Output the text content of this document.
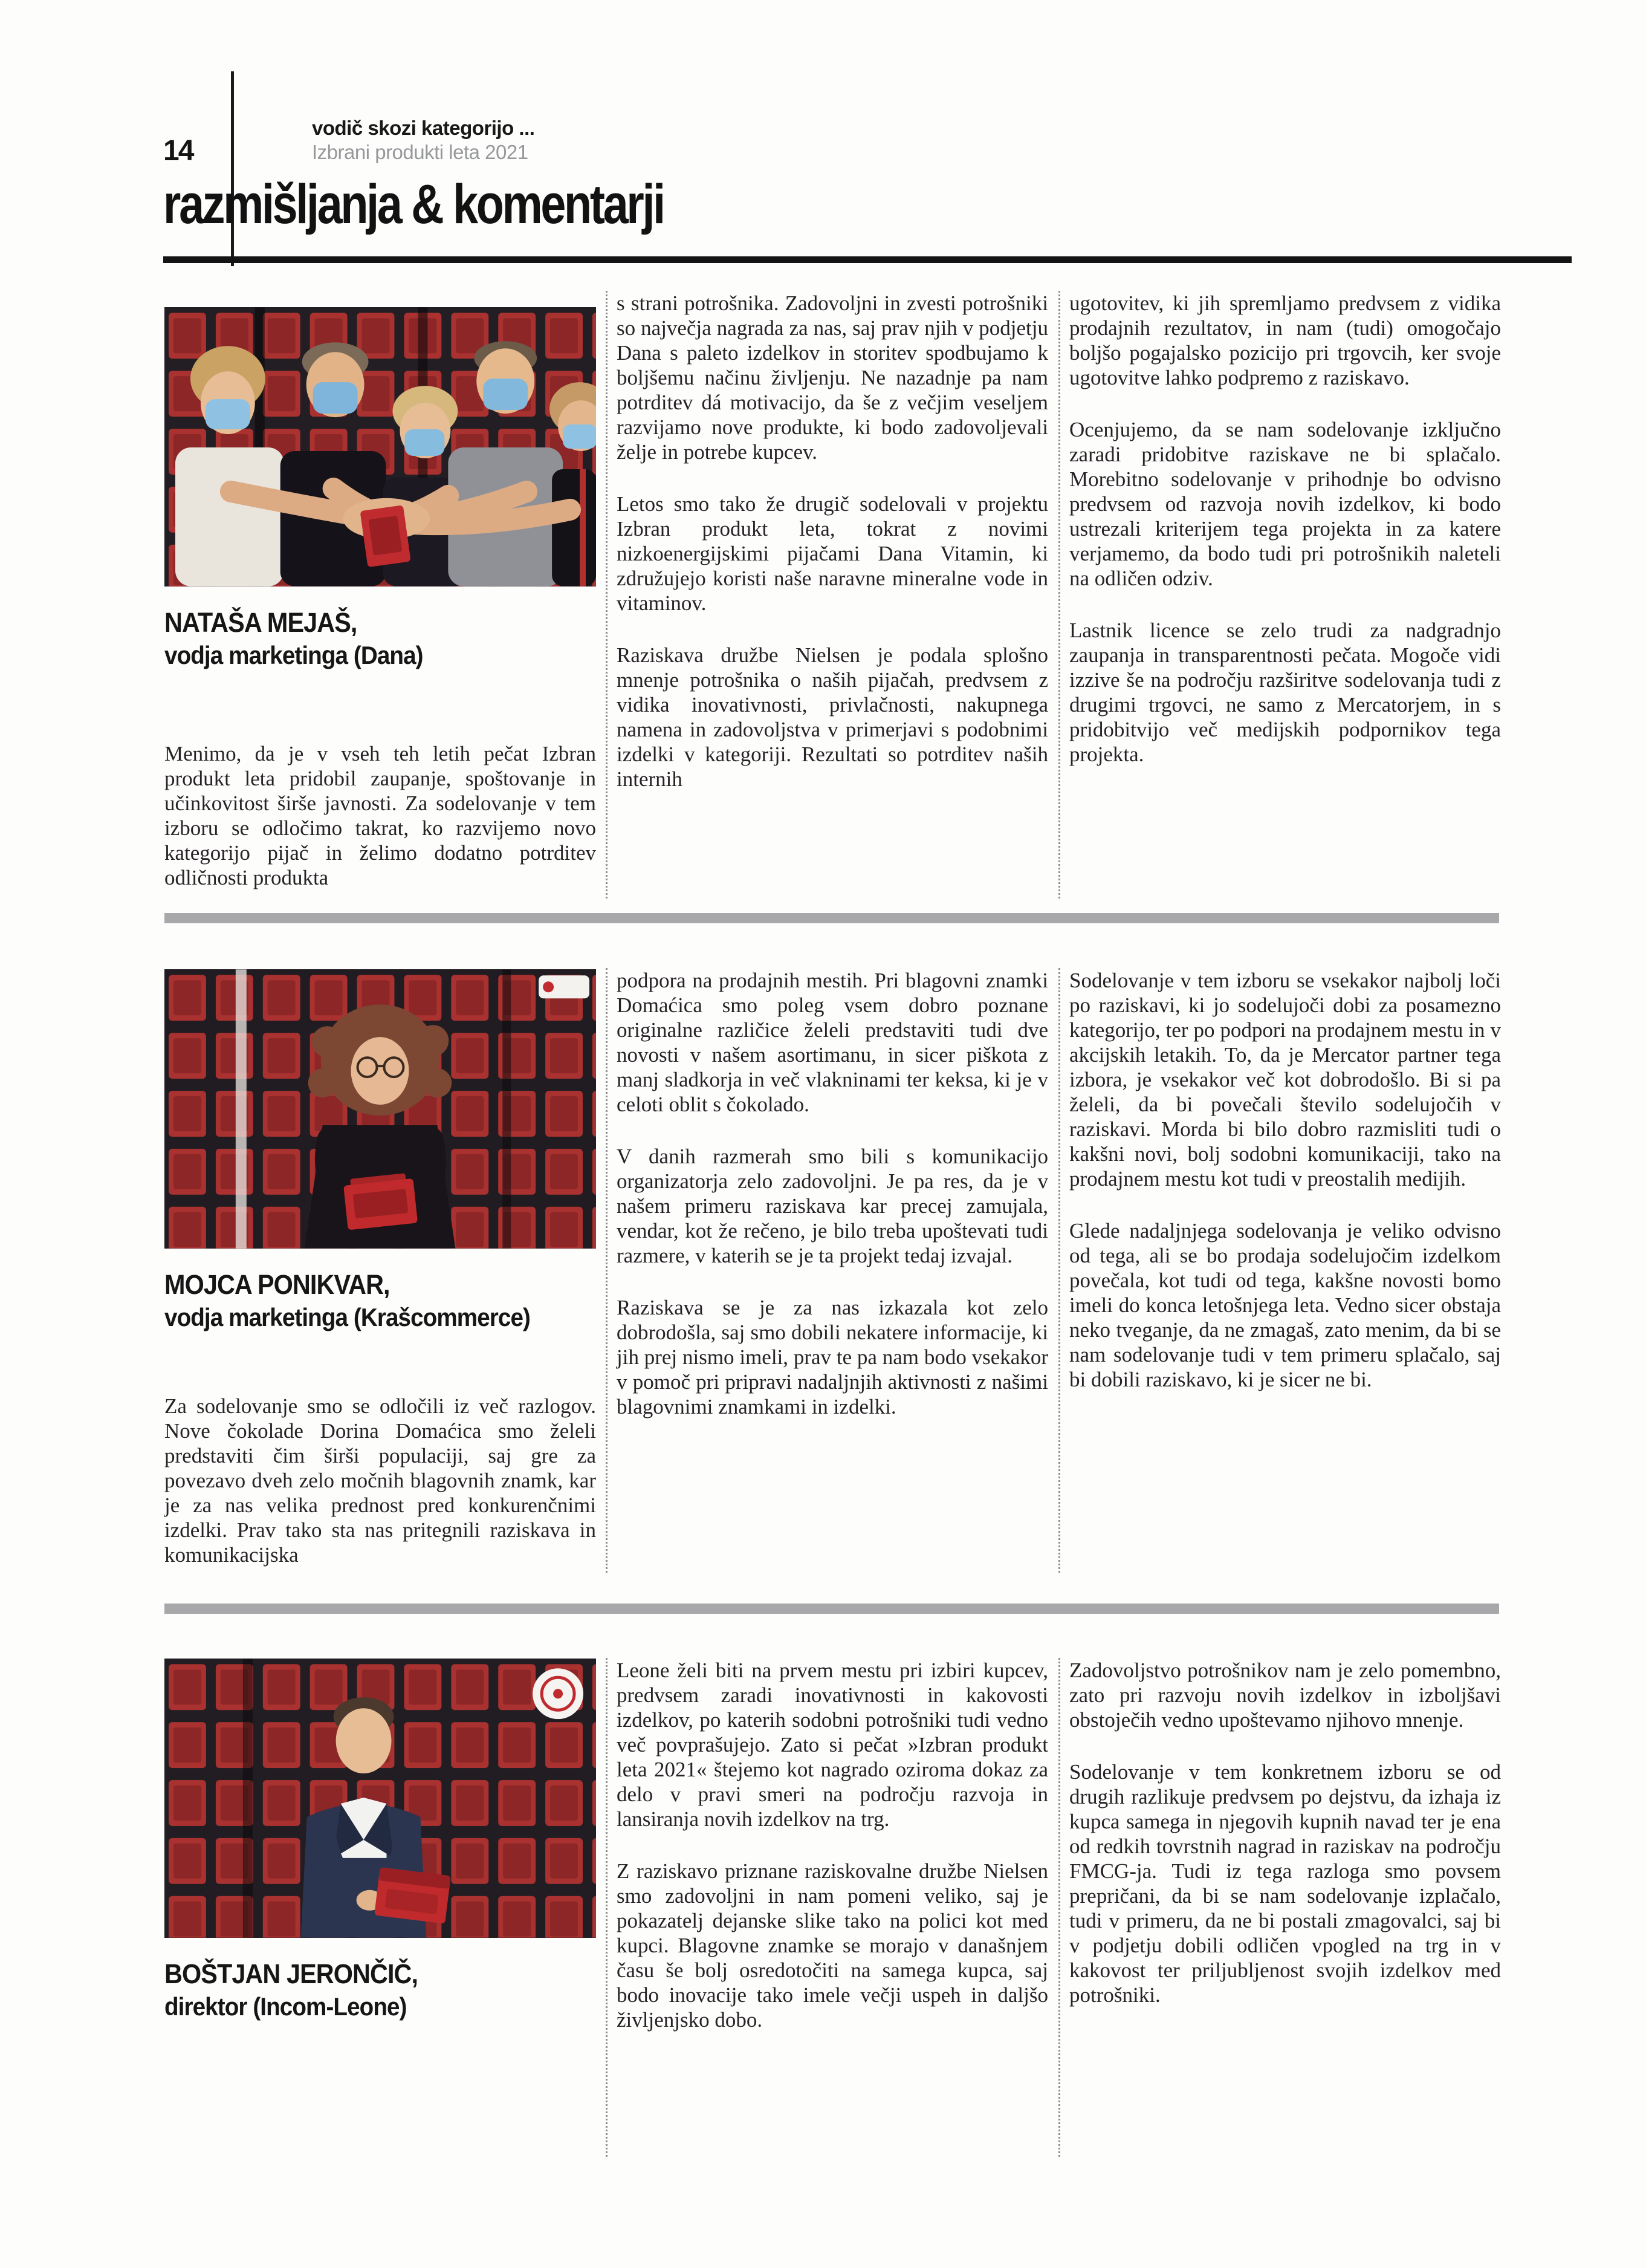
14
vodič skozi kategorijo ...
Izbrani produkti leta 2021
razmišljanja & komentarji
NATAŠA MEJAŠ,
vodja marketinga (Dana)

Menimo, da je v vseh teh letih pečat Izbran produkt leta pridobil zaupanje, spoštovanje in učinkovitost širše javnosti. Za sodelovanje v tem izboru se odločimo takrat, ko razvijemo novo kategorijo pijač in želimo dodatno potrditev odličnosti produkta

s strani potrošnika. Zadovoljni in zvesti potrošniki so največja nagrada za nas, saj prav njih v podjetju Dana s paleto izdelkov in storitev spodbujamo k boljšemu načinu življenju. Ne nazadnje pa nam potrditev dá motivacijo, da še z večjim veseljem razvijamo nove produkte, ki bodo zadovoljevali želje in potrebe kupcev.

Letos smo tako že drugič sodelovali v projektu Izbran produkt leta, tokrat z novimi nizkoenergijskimi pijačami Dana Vitamin, ki združujejo koristi naše naravne mineralne vode in vitaminov.

Raziskava družbe Nielsen je podala splošno mnenje potrošnika o naših pijačah, predvsem z vidika inovativnosti, privlačnosti, nakupnega namena in zadovoljstva v primerjavi s podobnimi izdelki v kategoriji. Rezultati so potrditev naših internih

ugotovitev, ki jih spremljamo predvsem z vidika prodajnih rezultatov, in nam (tudi) omogočajo boljšo pogajalsko pozicijo pri trgovcih, ker svoje ugotovitve lahko podpremo z raziskavo.

Ocenjujemo, da se nam sodelovanje izključno zaradi pridobitve raziskave ne bi splačalo. Morebitno sodelovanje v prihodnje bo odvisno predvsem od razvoja novih izdelkov, ki bodo ustrezali kriterijem tega projekta in za katere verjamemo, da bodo tudi pri potrošnikih naleteli na odličen odziv.

Lastnik licence se zelo trudi za nadgradnjo zaupanja in transparentnosti pečata. Mogoče vidi izzive še na področju razširitve sodelovanja tudi z drugimi trgovci, ne samo z Mercatorjem, in s pridobitvijo več medijskih podpornikov tega projekta.

MOJCA PONIKVAR,
vodja marketinga (Krašcommerce)

Za sodelovanje smo se odločili iz več razlogov. Nove čokolade Dorina Domaćica smo želeli predstaviti čim širši populaciji, saj gre za povezavo dveh zelo močnih blagovnih znamk, kar je za nas velika prednost pred konkurenčnimi izdelki. Prav tako sta nas pritegnili raziskava in komunikacijska

podpora na prodajnih mestih. Pri blagovni znamki Domaćica smo poleg vsem dobro poznane originalne različice želeli predstaviti tudi dve novosti v našem asortimanu, in sicer piškota z manj sladkorja in več vlakninami ter keksa, ki je v celoti oblit s čokolado.

V danih razmerah smo bili s komunikacijo organizatorja zelo zadovoljni. Je pa res, da je v našem primeru raziskava kar precej zamujala, vendar, kot že rečeno, je bilo treba upoštevati tudi razmere, v katerih se je ta projekt tedaj izvajal.

Raziskava se je za nas izkazala kot zelo dobrodošla, saj smo dobili nekatere informacije, ki jih prej nismo imeli, prav te pa nam bodo vsekakor v pomoč pri pripravi nadaljnjih aktivnosti z našimi blagovnimi znamkami in izdelki.

Sodelovanje v tem izboru se vsekakor najbolj loči po raziskavi, ki jo sodelujoči dobi za posamezno kategorijo, ter po podpori na prodajnem mestu in v akcijskih letakih. To, da je Mercator partner tega izbora, je vsekakor več kot dobrodošlo. Bi si pa želeli, da bi povečali število sodelujočih v raziskavi. Morda bi bilo dobro razmisliti tudi o kakšni novi, bolj sodobni komunikaciji, tako na prodajnem mestu kot tudi v preostalih medijih.

Glede nadaljnjega sodelovanja je veliko odvisno od tega, ali se bo prodaja sodelujočim izdelkom povečala, kot tudi od tega, kakšne novosti bomo imeli do konca letošnjega leta. Vedno sicer obstaja neko tveganje, da ne zmagaš, zato menim, da bi se nam sodelovanje tudi v tem primeru splačalo, saj bi dobili raziskavo, ki je sicer ne bi.

BOŠTJAN JERONČIČ,
direktor (Incom-Leone)

Leone želi biti na prvem mestu pri izbiri kupcev, predvsem zaradi inovativnosti in kakovosti izdelkov, po katerih sodobni potrošniki tudi vedno več povprašujejo. Zato si pečat »Izbran produkt leta 2021« štejemo kot nagrado oziroma dokaz za delo v pravi smeri na področju razvoja in lansiranja novih izdelkov na trg.

Z raziskavo priznane raziskovalne družbe Nielsen smo zadovoljni in nam pomeni veliko, saj je pokazatelj dejanske slike tako na polici kot med kupci. Blagovne znamke se morajo v današnjem času še bolj osredotočiti na samega kupca, saj bodo inovacije tako imele večji uspeh in daljšo življenjsko dobo.

Zadovoljstvo potrošnikov nam je zelo pomembno, zato pri razvoju novih izdelkov in izboljšavi obstoječih vedno upoštevamo njihovo mnenje.

Sodelovanje v tem konkretnem izboru se od drugih razlikuje predvsem po dejstvu, da izhaja iz kupca samega in njegovih kupnih navad ter je ena od redkih tovrstnih nagrad in raziskav na področju FMCG-ja. Tudi iz tega razloga smo povsem prepričani, da bi se nam sodelovanje izplačalo, tudi v primeru, da ne bi postali zmagovalci, saj bi v podjetju dobili odličen vpogled na trg in v kakovost ter priljubljenost svojih izdelkov med potrošniki.
